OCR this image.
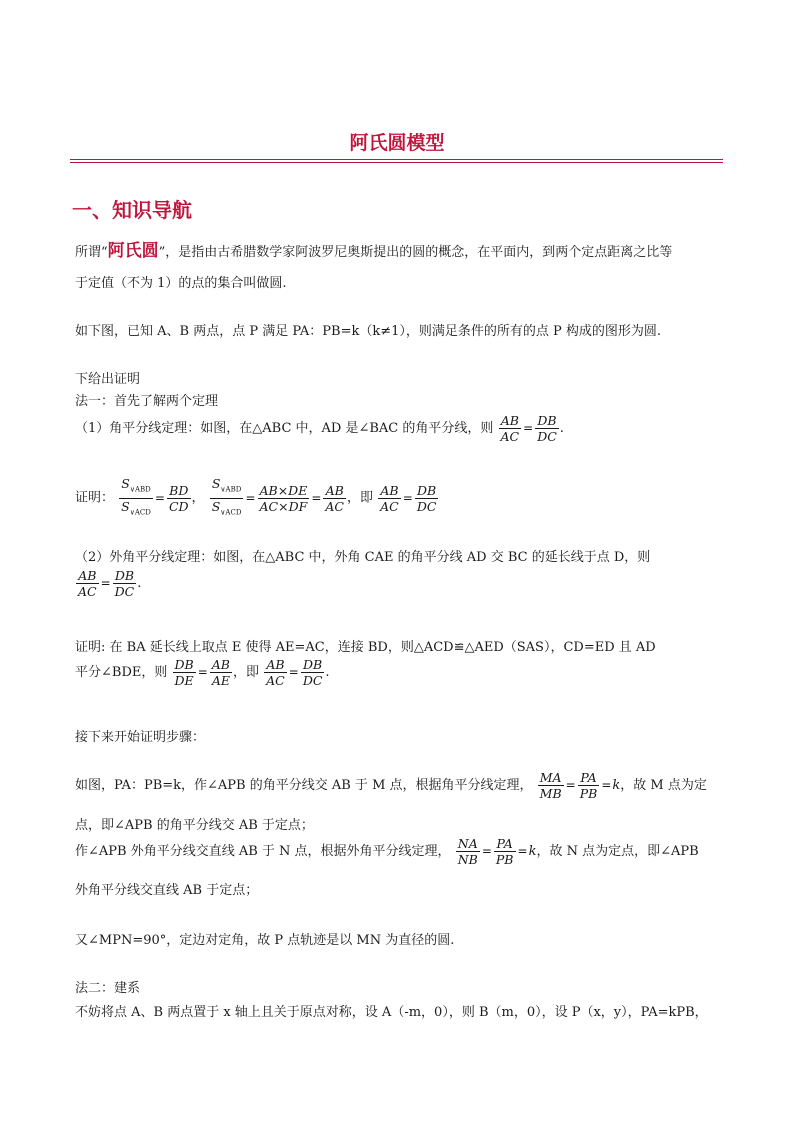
阿氏圆模型
一、知识导航
所谓“阿氏圆”，是指由古希腊数学家阿波罗尼奥斯提出的圆的概念，在平面内，到两个定点距离之比等
于定值（不为 1）的点的集合叫做圆.
如下图，已知 A、B 两点，点 P 满足 PA：PB=k（k≠1），则满足条件的所有的点 P 构成的图形为圆.
下给出证明
法一：首先了解两个定理
（1）角平分线定理：如图，在△ABC 中，AD 是∠BAC 的角平分线，则 $\frac{AB}{AC} = \frac{DB}{DC}$ .
证明： $\frac{S_{\vee ABD}}{S_{\vee ACD}} = \frac{BD}{CD}$ ， $\frac{S_{\vee ABD}}{S_{\vee ACD}} = \frac{AB\times DE}{AC\times DF} = \frac{AB}{AC}$ ，即 $\frac{AB}{AC} = \frac{DB}{DC}$
（2）外角平分线定理：如图，在△ABC 中，外角 CAE 的角平分线 AD 交 BC 的延长线于点 D，则
$\frac{AB}{AC} = \frac{DB}{DC}$ .
证明: 在 BA 延长线上取点 E 使得 AE=AC，连接 BD，则△ACD≌△AED（SAS），CD=ED 且 AD
平分∠BDE，则 $\frac{DB}{DE} = \frac{AB}{AE}$ ，即 $\frac{AB}{AC} = \frac{DB}{DC}$ .
接下来开始证明步骤：
如图，PA：PB=k，作∠APB 的角平分线交 AB 于 M 点，根据角平分线定理， $\frac{MA}{MB} = \frac{PA}{PB} =k$，故 M 点为定
点，即∠APB 的角平分线交 AB 于定点；
作∠APB 外角平分线交直线 AB 于 N 点，根据外角平分线定理， $\frac{NA}{NB} = \frac{PA}{PB} =k$，故 N 点为定点，即∠APB
外角平分线交直线 AB 于定点；
又∠MPN=90°，定边对定角，故 P 点轨迹是以 MN 为直径的圆.
法二：建系
不妨将点 A、B 两点置于 x 轴上且关于原点对称，设 A（-m，0），则 B（m，0），设 P（x，y），PA=kPB，
